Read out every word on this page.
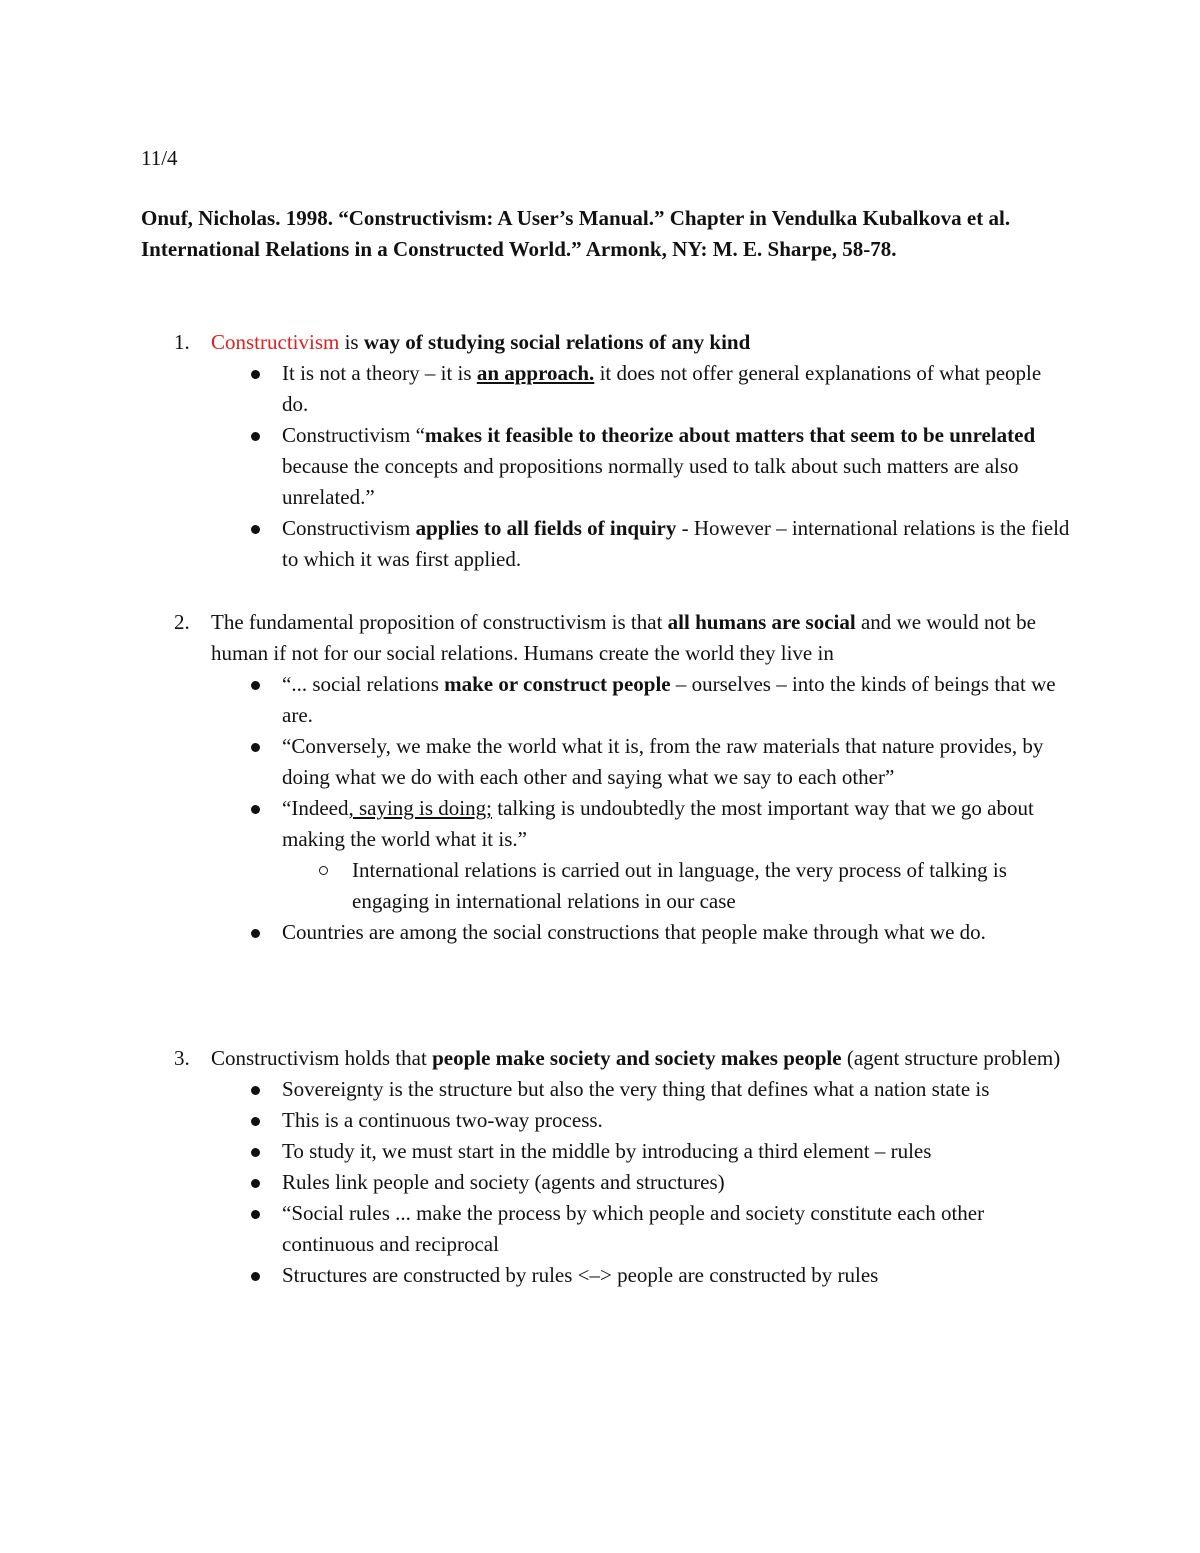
11/4
Onuf, Nicholas. 1998. “Constructivism: A User’s Manual.” Chapter in Vendulka Kubalkova et al. International Relations in a Constructed World.” Armonk, NY: M. E. Sharpe, 58-78.
1. Constructivism is way of studying social relations of any kind
It is not a theory – it is an approach. it does not offer general explanations of what people do.
Constructivism “makes it feasible to theorize about matters that seem to be unrelated because the concepts and propositions normally used to talk about such matters are also unrelated.”
Constructivism applies to all fields of inquiry - However – international relations is the field to which it was first applied.
2. The fundamental proposition of constructivism is that all humans are social and we would not be human if not for our social relations. Humans create the world they live in
“... social relations make or construct people – ourselves – into the kinds of beings that we are.
“Conversely, we make the world what it is, from the raw materials that nature provides, by doing what we do with each other and saying what we say to each other”
“Indeed, saying is doing; talking is undoubtedly the most important way that we go about making the world what it is.”
International relations is carried out in language, the very process of talking is engaging in international relations in our case
Countries are among the social constructions that people make through what we do.
3. Constructivism holds that people make society and society makes people (agent structure problem)
Sovereignty is the structure but also the very thing that defines what a nation state is
This is a continuous two-way process.
To study it, we must start in the middle by introducing a third element – rules
Rules link people and society (agents and structures)
“Social rules ... make the process by which people and society constitute each other continuous and reciprocal
Structures are constructed by rules <–> people are constructed by rules
